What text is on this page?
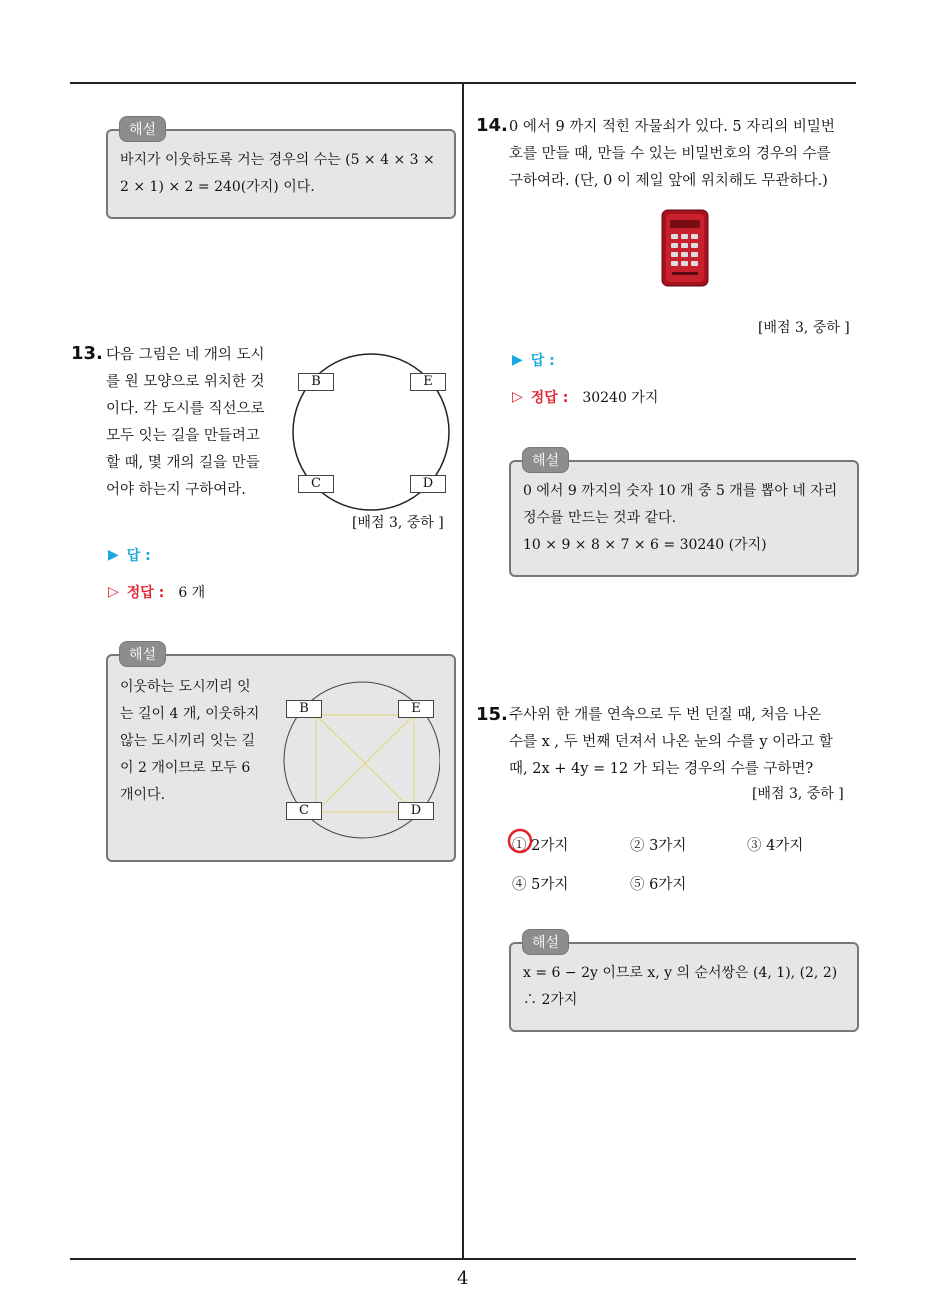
바지가 이웃하도록 거는 경우의 수는 (5 × 4 × 3 ×
2 × 1) × 2 = 240(가지) 이다.
해설
13. 다음 그림은 네 개의 도시
를 원 모양으로 위치한 것
이다. 각 도시를 직선으로
모두 잇는 길을 만들려고
할 때, 몇 개의 길을 만들
어야 하는지 구하여라.
B	E
C	D
[배점 3, 중하 ]
▶ 답 :
▷ 정답 : 6 개
이웃하는 도시끼리 잇
는 길이 4 개, 이웃하지
않는 도시끼리 잇는 길
이 2 개이므로 모두 6
개이다.
B	E
C	D
해설
14. 0 에서 9 까지 적힌 자물쇠가 있다. 5 자리의 비밀번
호를 만들 때, 만들 수 있는 비밀번호의 경우의 수를
구하여라. (단, 0 이 제일 앞에 위치해도 무관하다.)
[배점 3, 중하 ]
▶ 답 :
▷ 정답 : 30240 가지
0 에서 9 까지의 숫자 10 개 중 5 개를 뽑아 네 자리
정수를 만드는 것과 같다.
10 × 9 × 8 × 7 × 6 = 30240 (가지)
해설
15. 주사위 한 개를 연속으로 두 번 던질 때, 처음 나온
수를 x , 두 번째 던져서 나온 눈의 수를 y 이라고 할
때, 2x + 4y = 12 가 되는 경우의 수를 구하면?
[배점 3, 중하 ]
① 2가지	② 3가지	③ 4가지
④ 5가지	⑤ 6가지
x = 6 − 2y 이므로 x, y 의 순서쌍은 (4, 1), (2, 2)
∴ 2가지
해설
4
